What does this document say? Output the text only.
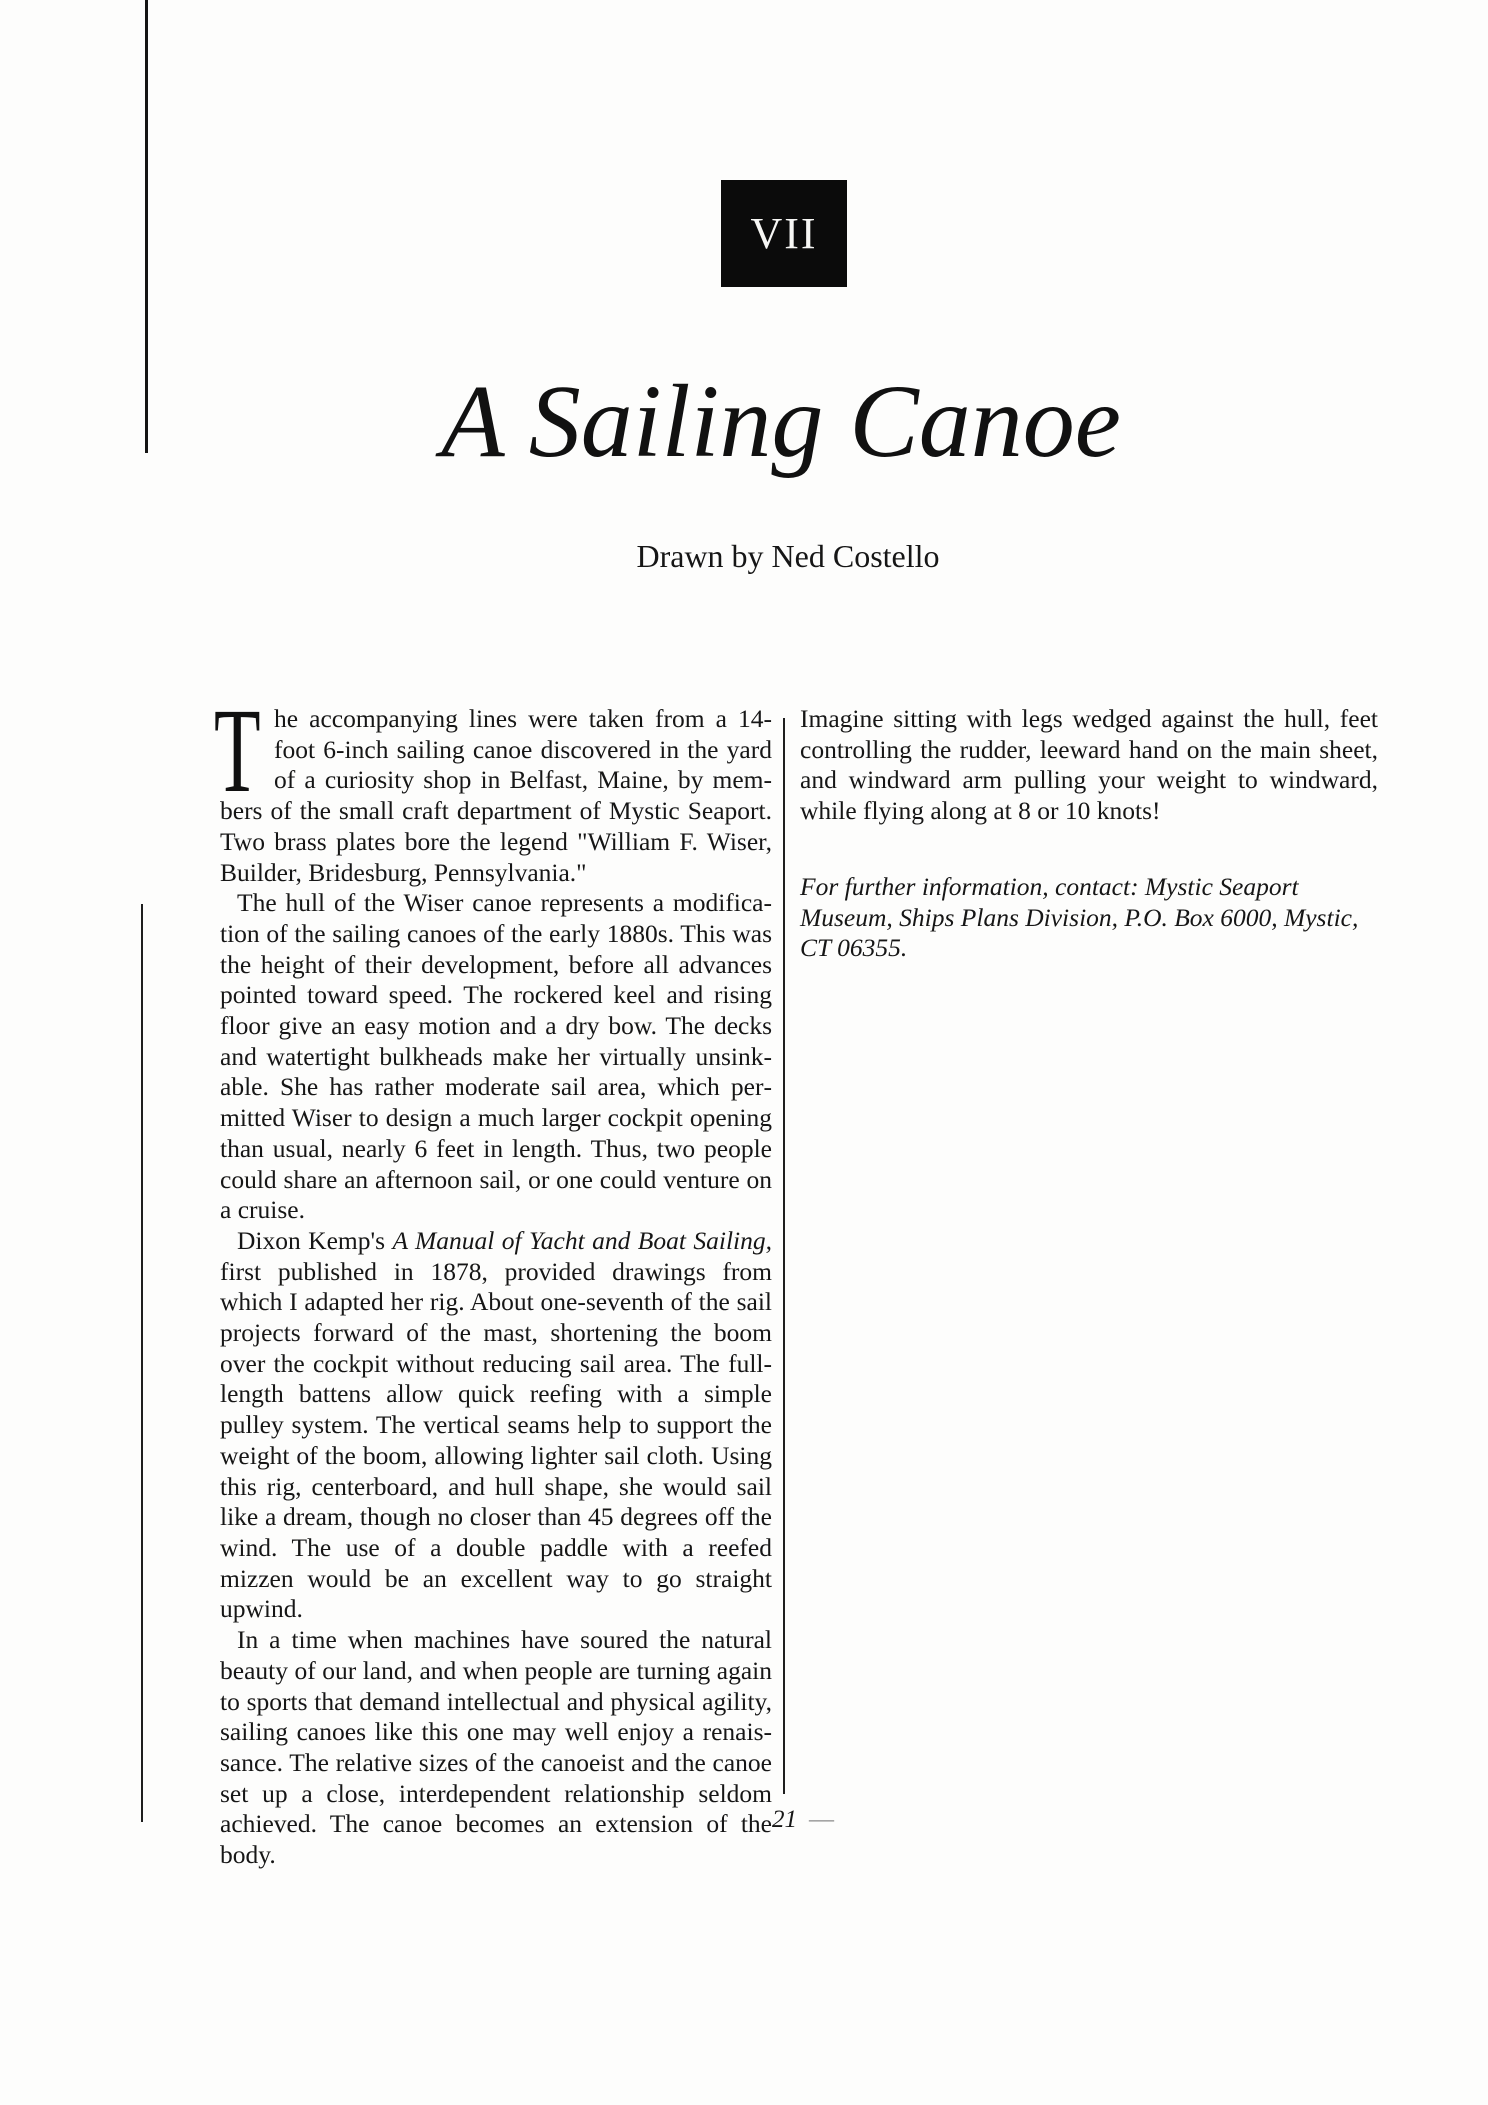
VII
A Sailing Canoe
Drawn by Ned Costello

The accompanying lines were taken from a 14-foot 6-inch sailing canoe discovered in the yard of a curiosity shop in Belfast, Maine, by members of the small craft department of Mystic Seaport. Two brass plates bore the legend "William F. Wiser, Builder, Bridesburg, Pennsylvania."

The hull of the Wiser canoe represents a modification of the sailing canoes of the early 1880s. This was the height of their development, before all advances pointed toward speed. The rockered keel and rising floor give an easy motion and a dry bow. The decks and watertight bulkheads make her virtually unsinkable. She has rather moderate sail area, which permitted Wiser to design a much larger cockpit opening than usual, nearly 6 feet in length. Thus, two people could share an afternoon sail, or one could venture on a cruise.

Dixon Kemp's A Manual of Yacht and Boat Sailing, first published in 1878, provided drawings from which I adapted her rig. About one-seventh of the sail projects forward of the mast, shortening the boom over the cockpit without reducing sail area. The full-length battens allow quick reefing with a simple pulley system. The vertical seams help to support the weight of the boom, allowing lighter sail cloth. Using this rig, centerboard, and hull shape, she would sail like a dream, though no closer than 45 degrees off the wind. The use of a double paddle with a reefed mizzen would be an excellent way to go straight upwind.

In a time when machines have soured the natural beauty of our land, and when people are turning again to sports that demand intellectual and physical agility, sailing canoes like this one may well enjoy a renaissance. The relative sizes of the canoeist and the canoe set up a close, interdependent relationship seldom achieved. The canoe becomes an extension of the body.

Imagine sitting with legs wedged against the hull, feet controlling the rudder, leeward hand on the main sheet, and windward arm pulling your weight to windward, while flying along at 8 or 10 knots!

For further information, contact: Mystic Seaport Museum, Ships Plans Division, P.O. Box 6000, Mystic, CT 06355.

21 —
